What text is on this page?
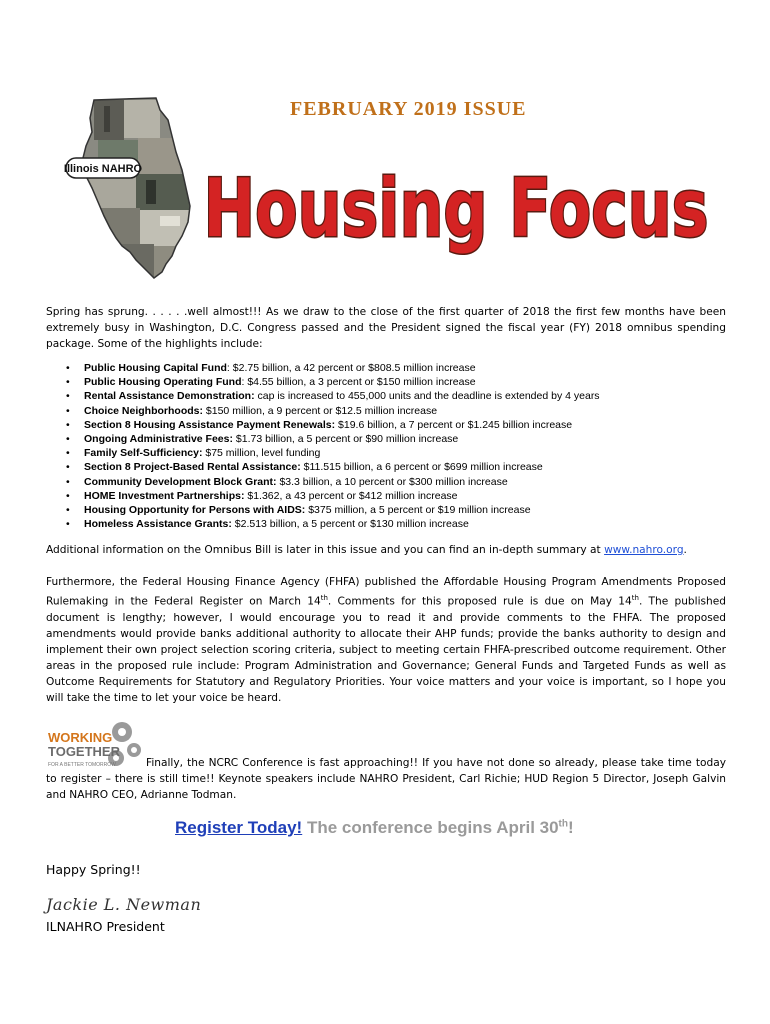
Illinois NAHRO
FEBRUARY 2019 ISSUE
Housing Focus

Spring has sprung. . . . . .well almost!!! As we draw to the close of the first quarter of 2018 the first few months have been extremely busy in Washington, D.C. Congress passed and the President signed the fiscal year (FY) 2018 omnibus spending package. Some of the highlights include:

• Public Housing Capital Fund: $2.75 billion, a 42 percent or $808.5 million increase
• Public Housing Operating Fund: $4.55 billion, a 3 percent or $150 million increase
• Rental Assistance Demonstration: cap is increased to 455,000 units and the deadline is extended by 4 years
• Choice Neighborhoods: $150 million, a 9 percent or $12.5 million increase
• Section 8 Housing Assistance Payment Renewals: $19.6 billion, a 7 percent or $1.245 billion increase
• Ongoing Administrative Fees: $1.73 billion, a 5 percent or $90 million increase
• Family Self-Sufficiency: $75 million, level funding
• Section 8 Project-Based Rental Assistance: $11.515 billion, a 6 percent or $699 million increase
• Community Development Block Grant: $3.3 billion, a 10 percent or $300 million increase
• HOME Investment Partnerships: $1.362, a 43 percent or $412 million increase
• Housing Opportunity for Persons with AIDS: $375 million, a 5 percent or $19 million increase
• Homeless Assistance Grants: $2.513 billion, a 5 percent or $130 million increase

Additional information on the Omnibus Bill is later in this issue and you can find an in-depth summary at www.nahro.org.

Furthermore, the Federal Housing Finance Agency (FHFA) published the Affordable Housing Program Amendments Proposed Rulemaking in the Federal Register on March 14th. Comments for this proposed rule is due on May 14th. The published document is lengthy; however, I would encourage you to read it and provide comments to the FHFA. The proposed amendments would provide banks additional authority to allocate their AHP funds; provide the banks authority to design and implement their own project selection scoring criteria, subject to meeting certain FHFA-prescribed outcome requirement. Other areas in the proposed rule include: Program Administration and Governance; General Funds and Targeted Funds as well as Outcome Requirements for Statutory and Regulatory Priorities. Your voice matters and your voice is important, so I hope you will take the time to let your voice be heard.

WORKING
TOGETHER
FOR A BETTER TOMORROW	Finally, the NCRC Conference is fast approaching!! If you have not done so already, please take time today to register – there is still time!! Keynote speakers include NAHRO President, Carl Richie; HUD Region 5 Director, Joseph Galvin and NAHRO CEO, Adrianne Todman.

Register Today! The conference begins April 30th!
Happy Spring!!
Jackie L. Newman
ILNAHRO President
